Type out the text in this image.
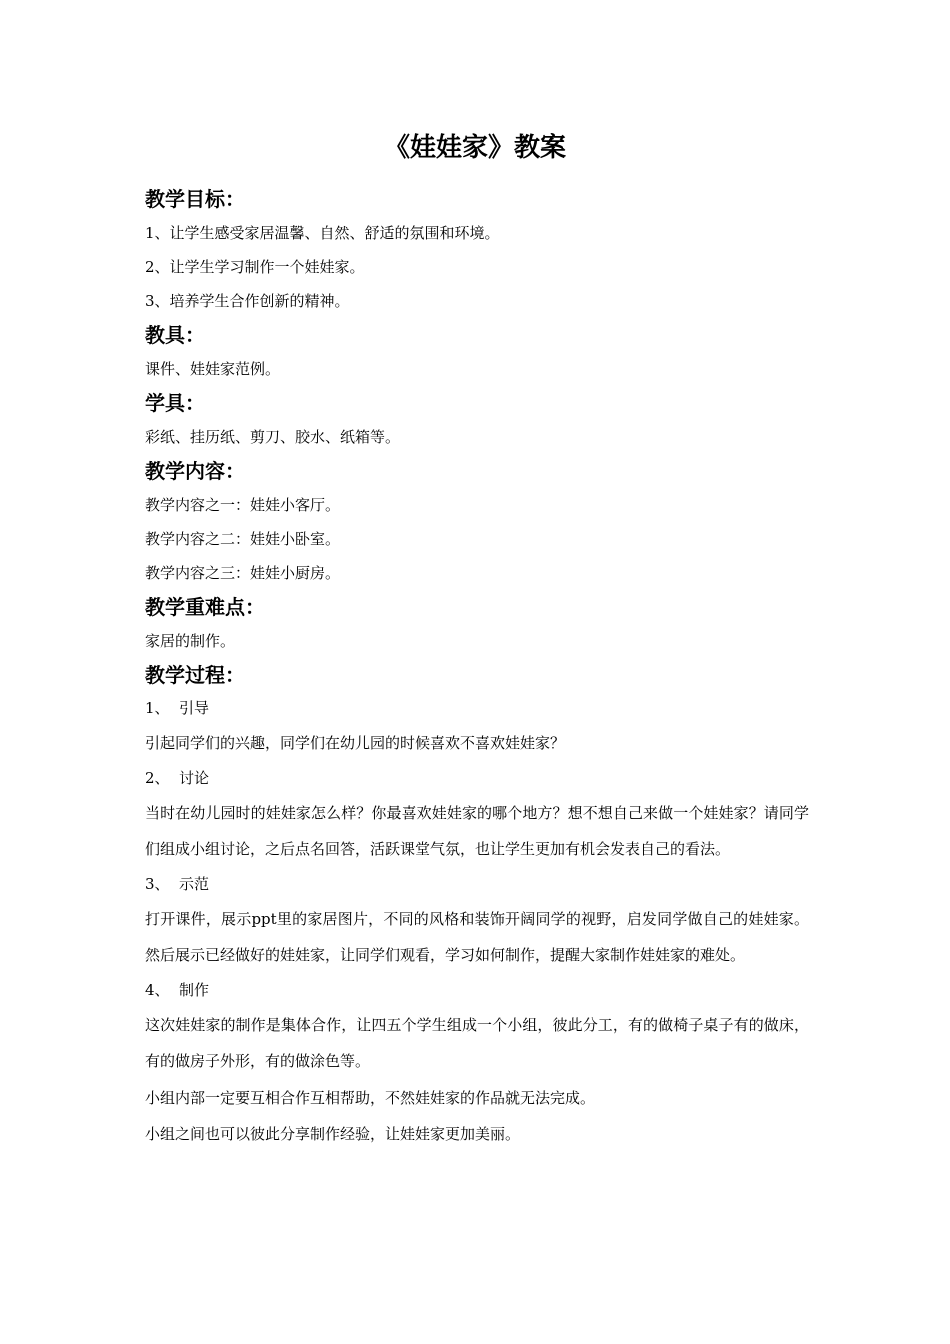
《娃娃家》教案

教学目标：

1、让学生感受家居温馨、自然、舒适的氛围和环境。

2、让学生学习制作一个娃娃家。

3、培养学生合作创新的精神。

教具：

课件、娃娃家范例。

学具：

彩纸、挂历纸、剪刀、胶水、纸箱等。

教学内容：

教学内容之一：娃娃小客厅。

教学内容之二：娃娃小卧室。

教学内容之三：娃娃小厨房。

教学重难点：

家居的制作。

教学过程：

1、 引导

引起同学们的兴趣，同学们在幼儿园的时候喜欢不喜欢娃娃家？

2、 讨论

当时在幼儿园时的娃娃家怎么样？你最喜欢娃娃家的哪个地方？想不想自己来做一个娃娃家？请同学们组成小组讨论，之后点名回答，活跃课堂气氛，也让学生更加有机会发表自己的看法。

3、 示范

打开课件，展示ppt里的家居图片，不同的风格和装饰开阔同学的视野，启发同学做自己的娃娃家。然后展示已经做好的娃娃家，让同学们观看，学习如何制作，提醒大家制作娃娃家的难处。

4、 制作

这次娃娃家的制作是集体合作，让四五个学生组成一个小组，彼此分工，有的做椅子桌子有的做床，有的做房子外形，有的做涂色等。

小组内部一定要互相合作互相帮助，不然娃娃家的作品就无法完成。

小组之间也可以彼此分享制作经验，让娃娃家更加美丽。
